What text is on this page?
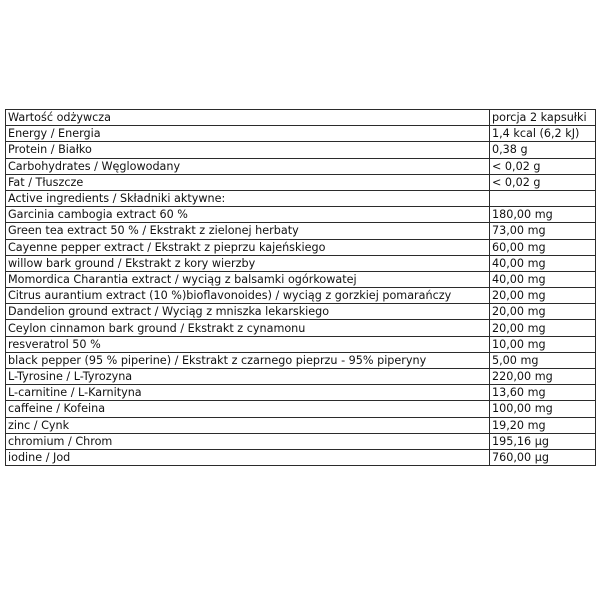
Wartość odżywcza	porcja 2 kapsułki
Energy / Energia	1,4 kcal (6,2 kJ)
Protein / Białko	0,38 g
Carbohydrates / Węglowodany	< 0,02 g
Fat / Tłuszcze	< 0,02 g
Active ingredients / Składniki aktywne:	
Garcinia cambogia extract 60 %	180,00 mg
Green tea extract 50 % / Ekstrakt z zielonej herbaty	73,00 mg
Cayenne pepper extract / Ekstrakt z pieprzu kajeńskiego	60,00 mg
willow bark ground / Ekstrakt z kory wierzby	40,00 mg
Momordica Charantia extract / wyciąg z balsamki ogórkowatej	40,00 mg
Citrus aurantium extract (10 %)bioflavonoides) / wyciąg z gorzkiej pomarańczy	20,00 mg
Dandelion ground extract / Wyciąg z mniszka lekarskiego	20,00 mg
Ceylon cinnamon bark ground / Ekstrakt z cynamonu	20,00 mg
resveratrol 50 %	10,00 mg
black pepper (95 % piperine) / Ekstrakt z czarnego pieprzu - 95% piperyny	5,00 mg
L-Tyrosine / L-Tyrozyna	220,00 mg
L-carnitine / L-Karnityna	13,60 mg
caffeine / Kofeina	100,00 mg
zinc / Cynk	19,20 mg
chromium / Chrom	195,16 µg
iodine / Jod	760,00 µg
